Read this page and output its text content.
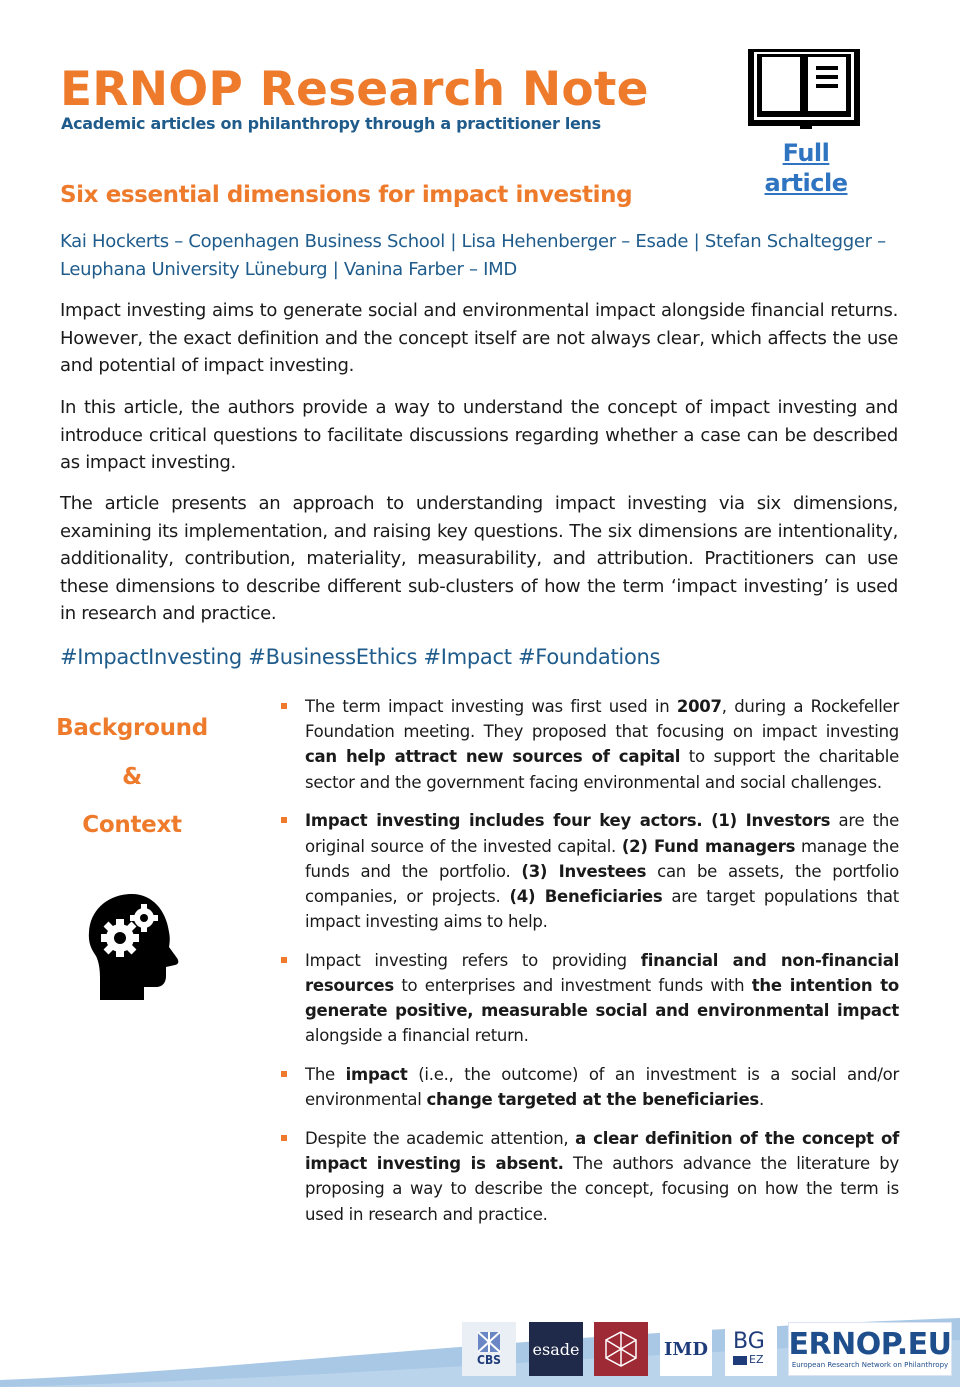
ERNOP Research Note
Academic articles on philanthropy through a practitioner lens
Full article
Six essential dimensions for impact investing
Kai Hockerts – Copenhagen Business School | Lisa Hehenberger – Esade | Stefan Schaltegger – Leuphana University Lüneburg | Vanina Farber – IMD
Impact investing aims to generate social and environmental impact alongside financial returns. However, the exact definition and the concept itself are not always clear, which affects the use and potential of impact investing.
In this article, the authors provide a way to understand the concept of impact investing and introduce critical questions to facilitate discussions regarding whether a case can be described as impact investing.
The article presents an approach to understanding impact investing via six dimensions, examining its implementation, and raising key questions. The six dimensions are intentionality, additionality, contribution, materiality, measurability, and attribution. Practitioners can use these dimensions to describe different sub-clusters of how the term ‘impact investing’ is used in research and practice.
#ImpactInvesting #BusinessEthics #Impact #Foundations
Background
&
Context
The term impact investing was first used in 2007, during a Rockefeller Foundation meeting. They proposed that focusing on impact investing can help attract new sources of capital to support the charitable sector and the government facing environmental and social challenges.
Impact investing includes four key actors. (1) Investors are the original source of the invested capital. (2) Fund managers manage the funds and the portfolio. (3) Investees can be assets, the portfolio companies, or projects. (4) Beneficiaries are target populations that impact investing aims to help.
Impact investing refers to providing financial and non-financial resources to enterprises and investment funds with the intention to generate positive, measurable social and environmental impact alongside a financial return.
The impact (i.e., the outcome) of an investment is a social and/or environmental change targeted at the beneficiaries.
Despite the academic attention, a clear definition of the concept of impact investing is absent. The authors advance the literature by proposing a way to describe the concept, focusing on how the term is used in research and practice.
CBS
esade	IMD BG
EZ ERNOP.EU
European Research Network on Philanthropy
